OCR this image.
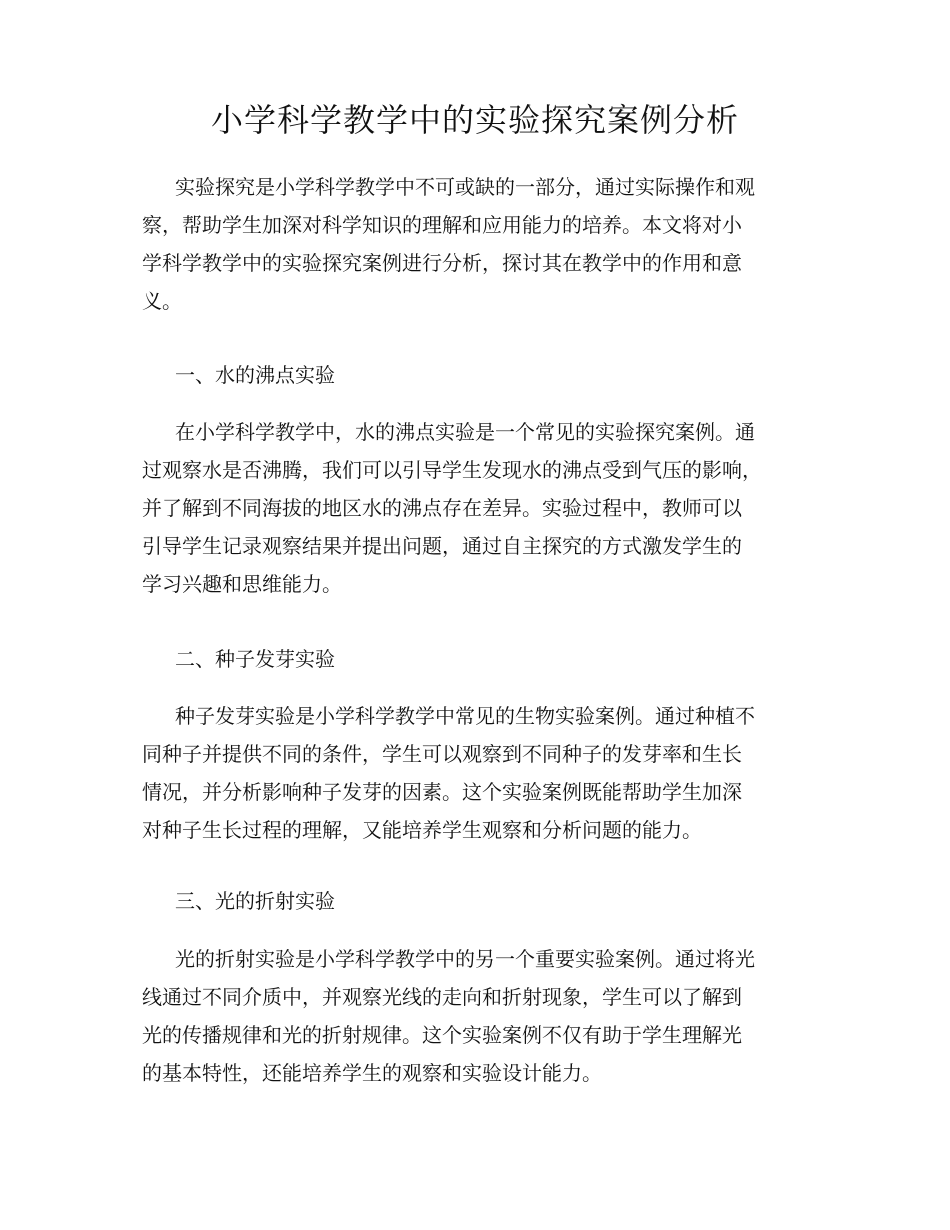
小学科学教学中的实验探究案例分析
实验探究是小学科学教学中不可或缺的一部分，通过实际操作和观
察，帮助学生加深对科学知识的理解和应用能力的培养。本文将对小
学科学教学中的实验探究案例进行分析，探讨其在教学中的作用和意
义。
一、水的沸点实验
在小学科学教学中，水的沸点实验是一个常见的实验探究案例。通
过观察水是否沸腾，我们可以引导学生发现水的沸点受到气压的影响，
并了解到不同海拔的地区水的沸点存在差异。实验过程中，教师可以
引导学生记录观察结果并提出问题，通过自主探究的方式激发学生的
学习兴趣和思维能力。
二、种子发芽实验
种子发芽实验是小学科学教学中常见的生物实验案例。通过种植不
同种子并提供不同的条件，学生可以观察到不同种子的发芽率和生长
情况，并分析影响种子发芽的因素。这个实验案例既能帮助学生加深
对种子生长过程的理解，又能培养学生观察和分析问题的能力。
三、光的折射实验
光的折射实验是小学科学教学中的另一个重要实验案例。通过将光
线通过不同介质中，并观察光线的走向和折射现象，学生可以了解到
光的传播规律和光的折射规律。这个实验案例不仅有助于学生理解光
的基本特性，还能培养学生的观察和实验设计能力。
